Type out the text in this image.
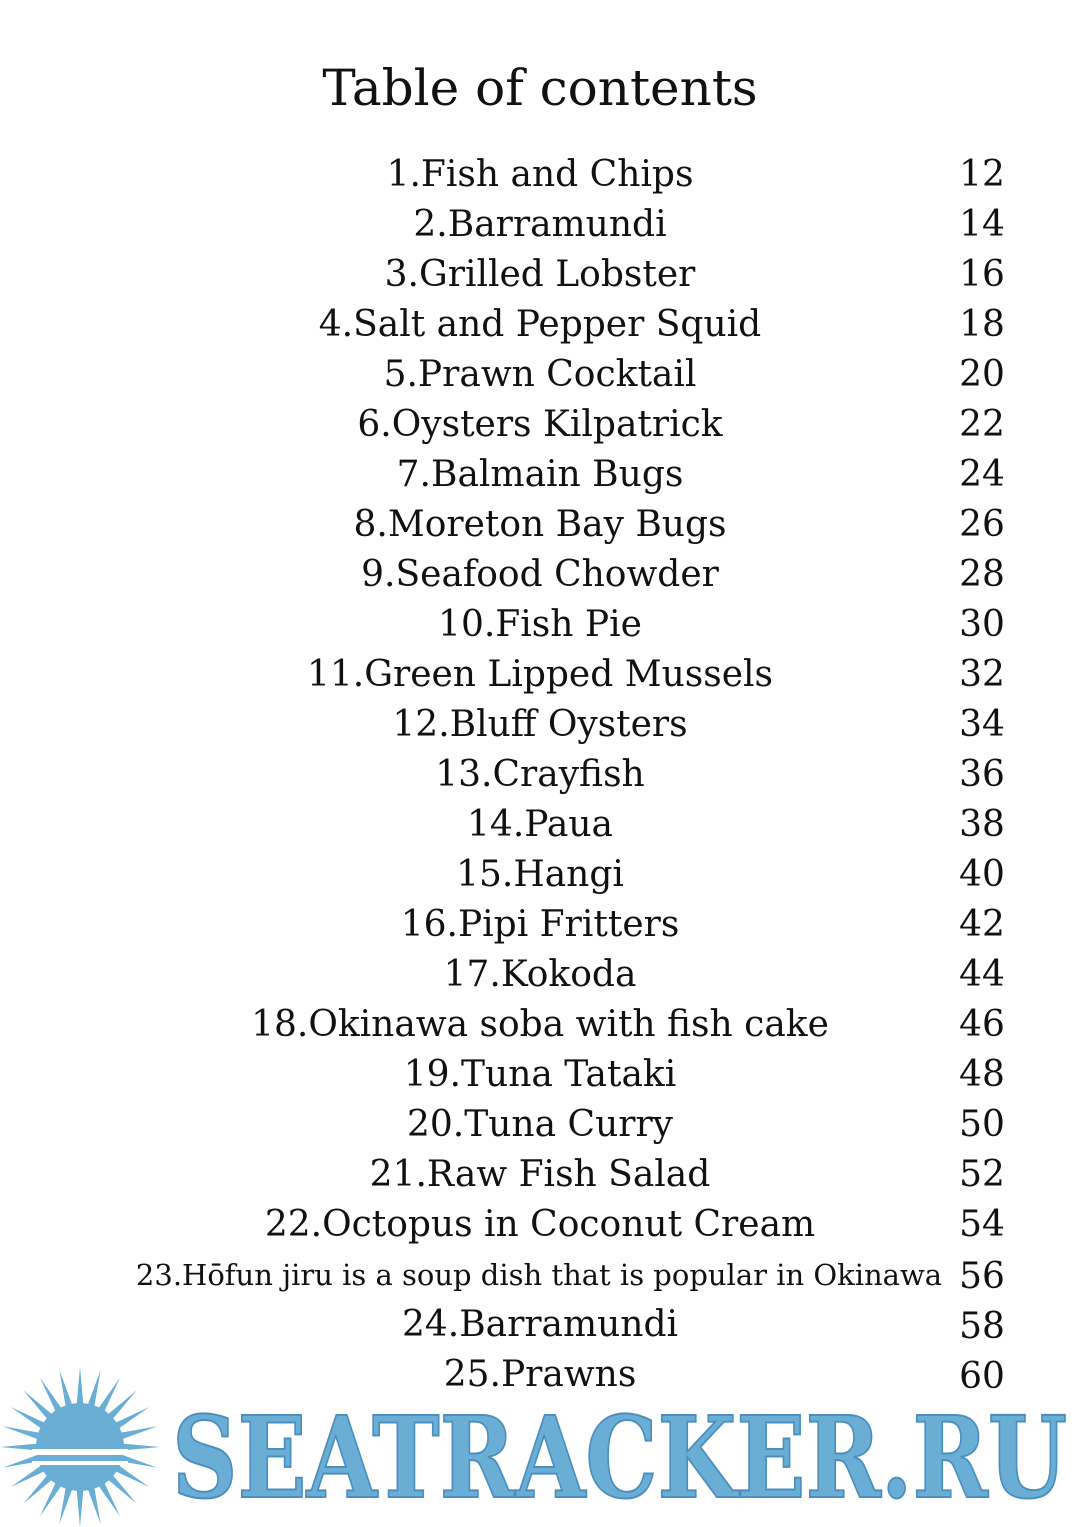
Table of contents
1.Fish and Chips	12
2.Barramundi	14
3.Grilled Lobster	16
4.Salt and Pepper Squid	18
5.Prawn Cocktail	20
6.Oysters Kilpatrick	22
7.Balmain Bugs	24
8.Moreton Bay Bugs	26
9.Seafood Chowder	28
10.Fish Pie	30
11.Green Lipped Mussels	32
12.Bluff Oysters	34
13.Crayfish	36
14.Paua	38
15.Hangi	40
16.Pipi Fritters	42
17.Kokoda	44
18.Okinawa soba with fish cake	46
19.Tuna Tataki	48
20.Tuna Curry	50
21.Raw Fish Salad	52
22.Octopus in Coconut Cream	54
23.Hōfun jiru is a soup dish that is popular in Okinawa 56
24.Barramundi	58
25.Prawns	60
SEATRACKER.RU
